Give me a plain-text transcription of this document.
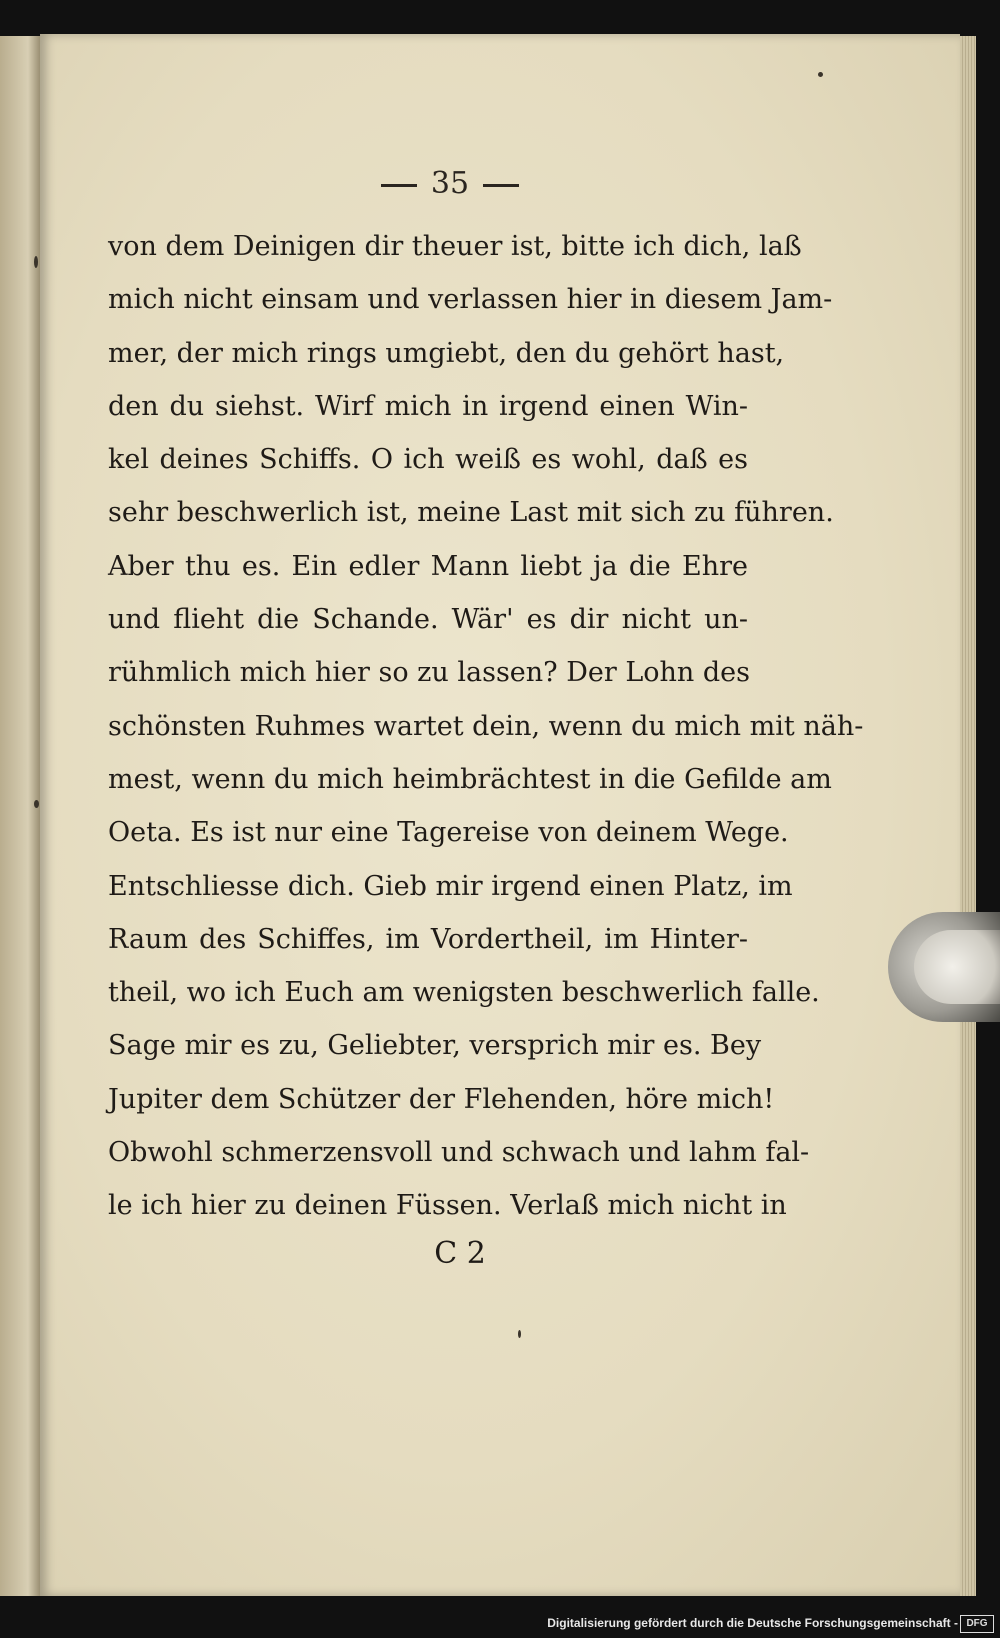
35
von dem Deinigen dir theuer ist, bitte ich dich, laß
mich nicht einsam und verlassen hier in diesem Jam-
mer, der mich rings umgiebt, den du gehört hast,
den du siehst. Wirf mich in irgend einen Win-
kel deines Schiffs. O ich weiß es wohl, daß es
sehr beschwerlich ist, meine Last mit sich zu führen.
Aber thu es. Ein edler Mann liebt ja die Ehre
und flieht die Schande. Wär' es dir nicht un-
rühmlich mich hier so zu lassen? Der Lohn des
schönsten Ruhmes wartet dein, wenn du mich mit näh-
mest, wenn du mich heimbrächtest in die Gefilde am
Oeta. Es ist nur eine Tagereise von deinem Wege.
Entschliesse dich. Gieb mir irgend einen Platz, im
Raum des Schiffes, im Vordertheil, im Hinter-
theil, wo ich Euch am wenigsten beschwerlich falle.
Sage mir es zu, Geliebter, versprich mir es. Bey
Jupiter dem Schützer der Flehenden, höre mich!
Obwohl schmerzensvoll und schwach und lahm fal-
le ich hier zu deinen Füssen. Verlaß mich nicht in
C 2
Digitalisierung gefördert durch die Deutsche Forschungsgemeinschaft - DFG
